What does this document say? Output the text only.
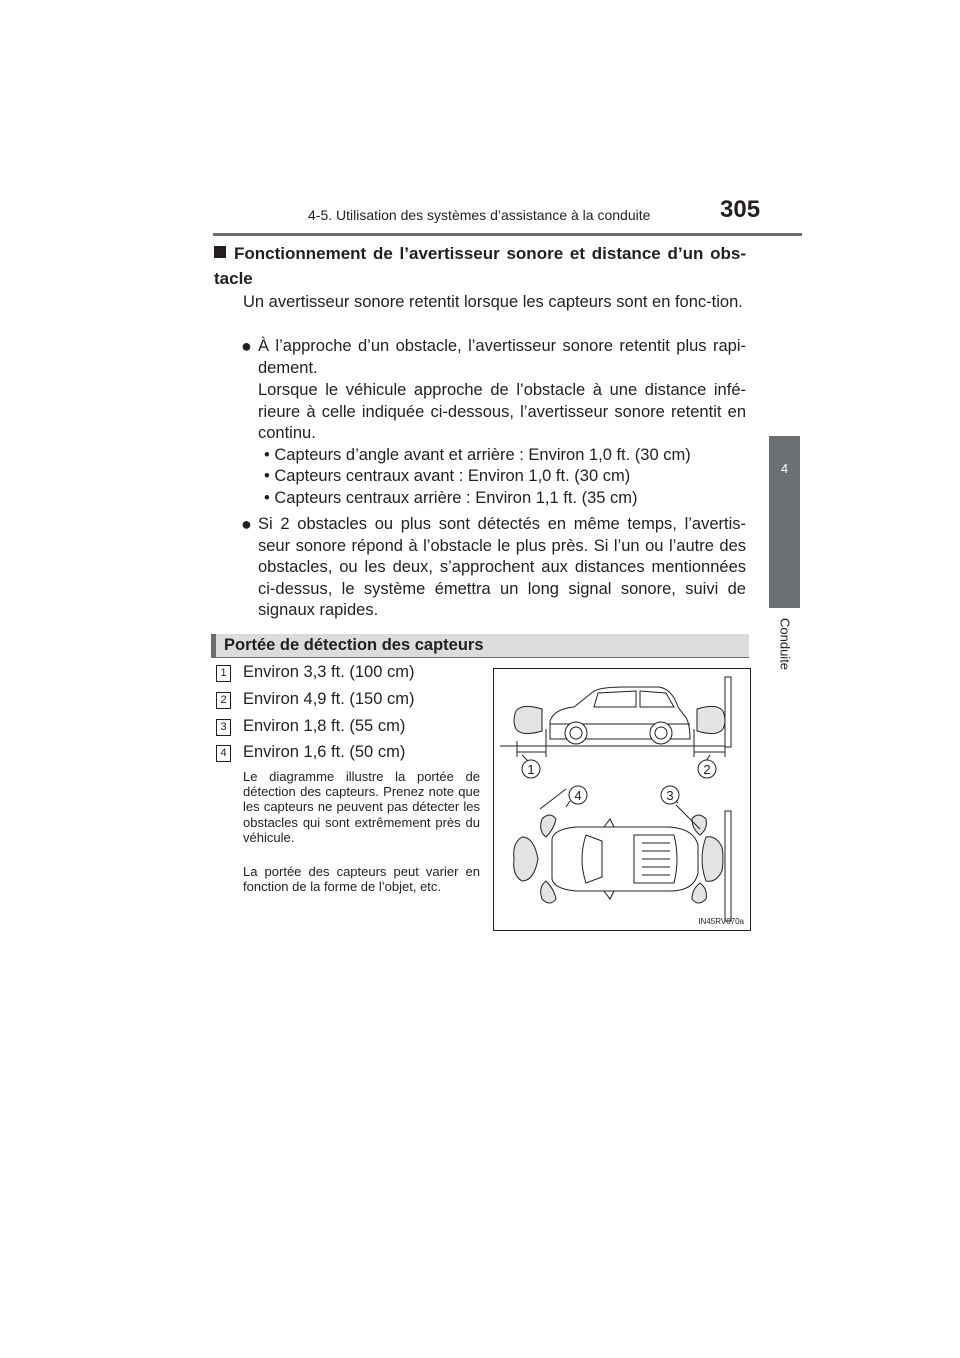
4-5. Utilisation des systèmes d’assistance à la conduite	305
4
Conduite
Fonctionnement de l’avertisseur sonore et distance d’un obs-tacle
Un avertisseur sonore retentit lorsque les capteurs sont en fonc-tion.
● À l’approche d’un obstacle, l’avertisseur sonore retentit plus rapi-dement.
Lorsque le véhicule approche de l’obstacle à une distance infé-rieure à celle indiquée ci-dessous, l’avertisseur sonore retentit en continu.
• Capteurs d’angle avant et arrière : Environ 1,0 ft. (30 cm)
• Capteurs centraux avant : Environ 1,0 ft. (30 cm)
• Capteurs centraux arrière : Environ 1,1 ft. (35 cm)
● Si 2 obstacles ou plus sont détectés en même temps, l’avertis-seur sonore répond à l’obstacle le plus près. Si l’un ou l’autre des obstacles, ou les deux, s’approchent aux distances mentionnées ci-dessus, le système émettra un long signal sonore, suivi de signaux rapides.
Portée de détection des capteurs
1 Environ 3,3 ft. (100 cm)
2 Environ 4,9 ft. (150 cm)
3 Environ 1,8 ft. (55 cm)
4 Environ 1,6 ft. (50 cm)
Le diagramme illustre la portée de détection des capteurs. Prenez note que les capteurs ne peuvent pas détecter les obstacles qui sont extrêmement près du véhicule.
La portée des capteurs peut varier en fonction de la forme de l’objet, etc.
1	2
3
4
IN45RV070a
